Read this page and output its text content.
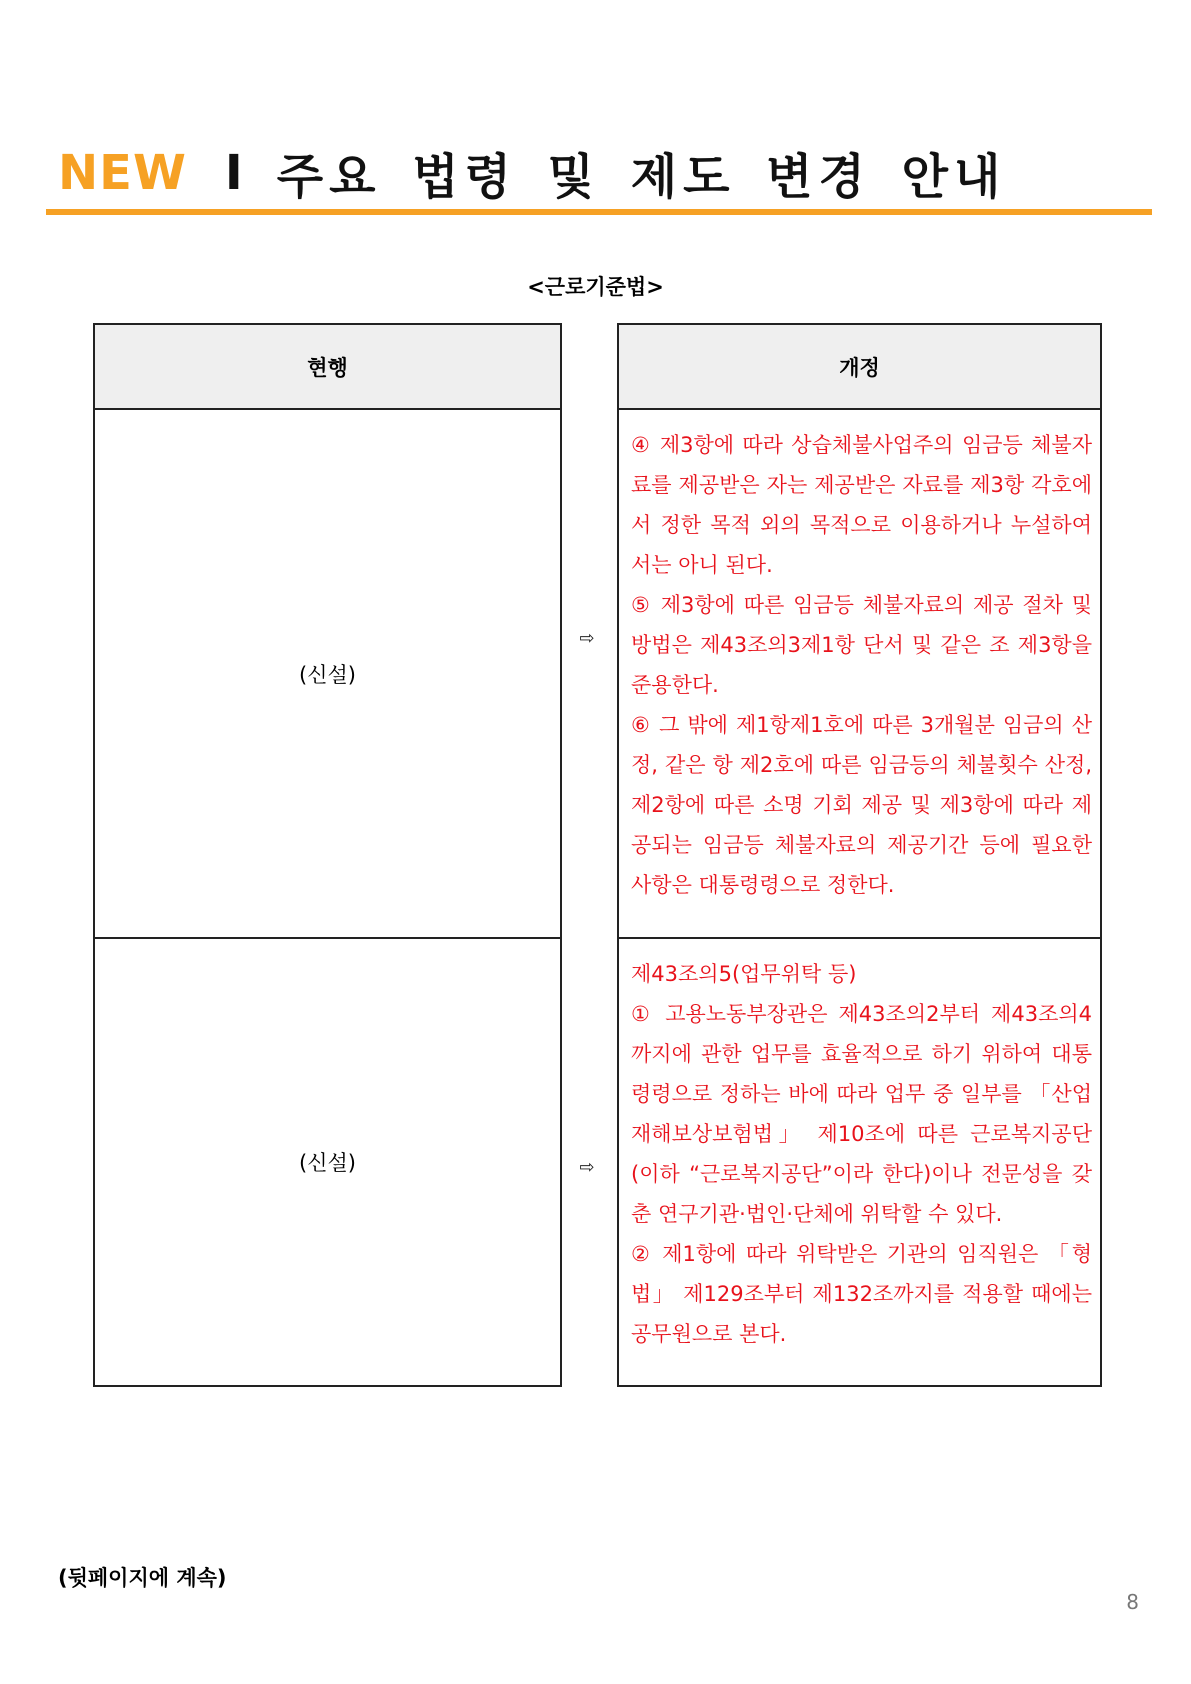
NEW I 주요 법령 및 제도 변경 안내
<근로기준법>
현행
(신설)
(신설)
⇨
⇨
개정

④ 제3항에 따라 상습체불사업주의 임금등 체불자료를 제공받은 자는 제공받은 자료를 제3항 각호에서 정한 목적 외의 목적으로 이용하거나 누설하여서는 아니 된다.

⑤ 제3항에 따른 임금등 체불자료의 제공 절차 및 방법은 제43조의3제1항 단서 및 같은 조 제3항을 준용한다.

⑥ 그 밖에 제1항제1호에 따른 3개월분 임금의 산정, 같은 항 제2호에 따른 임금등의 체불횟수 산정, 제2항에 따른 소명 기회 제공 및 제3항에 따라 제공되는 임금등 체불자료의 제공기간 등에 필요한 사항은 대통령령으로 정한다.

제43조의5(업무위탁 등)

① 고용노동부장관은 제43조의2부터 제43조의4까지에 관한 업무를 효율적으로 하기 위하여 대통령령으로 정하는 바에 따라 업무 중 일부를 「산업재해보상보험법」 제10조에 따른 근로복지공단(이하 “근로복지공단”이라 한다)이나 전문성을 갖춘 연구기관·법인·단체에 위탁할 수 있다.

② 제1항에 따라 위탁받은 기관의 임직원은 「형법」 제129조부터 제132조까지를 적용할 때에는 공무원으로 본다.

(뒷페이지에 계속)
8
